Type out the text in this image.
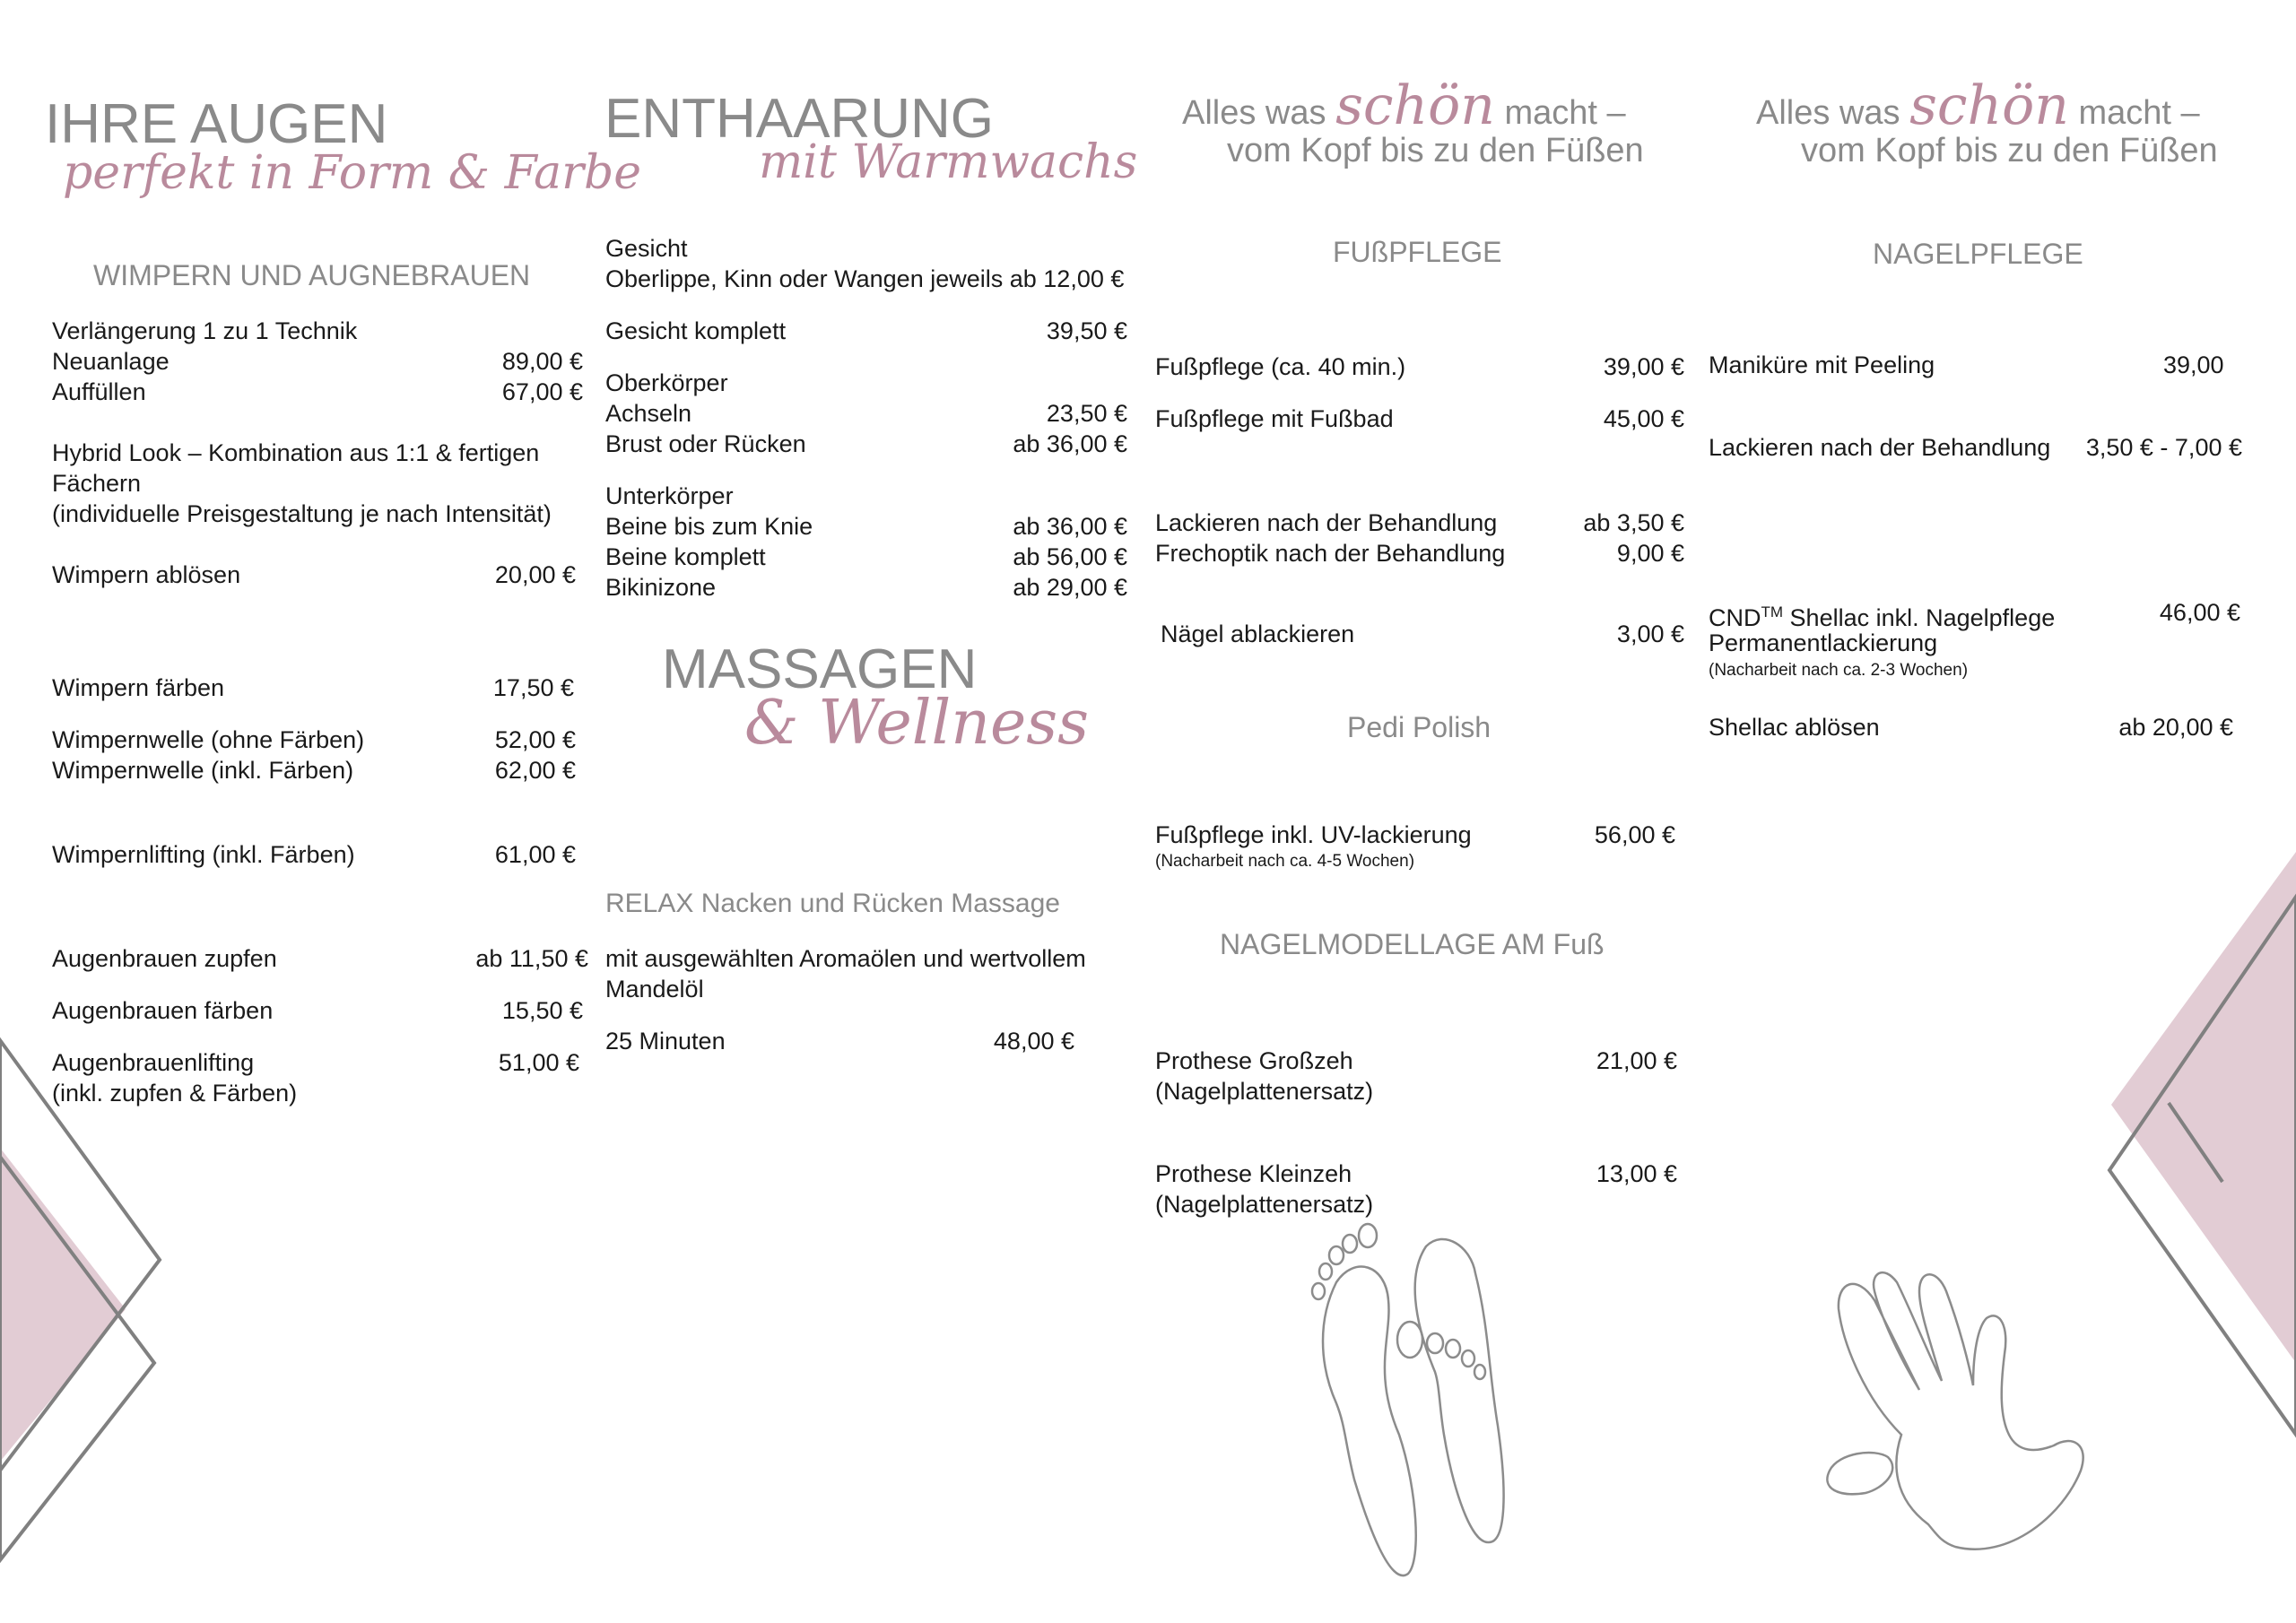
IHRE AUGEN
perfekt in Form & Farbe
WIMPERN UND AUGNEBRAUEN
Verlängerung 1 zu 1 Technik
Neuanlage	89,00 €
Auffüllen	67,00 €
Hybrid Look – Kombination aus 1:1 & fertigen
Fächern
(individuelle Preisgestaltung je nach Intensität)
Wimpern ablösen	20,00 €
Wimpern färben	17,50 €
Wimpernwelle (ohne Färben)	52,00 €
Wimpernwelle (inkl. Färben)	62,00 €
Wimpernlifting (inkl. Färben)	61,00 €
Augenbrauen zupfen	ab 11,50 €
Augenbrauen färben	15,50 €
Augenbrauenlifting	51,00 €
(inkl. zupfen & Färben)
ENTHAARUNG
mit Warmwachs
Gesicht
Oberlippe, Kinn oder Wangen jeweils ab 12,00 €
Gesicht komplett	39,50 €
Oberkörper
Achseln	23,50 €
Brust oder Rücken	ab 36,00 €
Unterkörper
Beine bis zum Knie	ab 36,00 €
Beine komplett	ab 56,00 €
Bikinizone	ab 29,00 €
MASSAGEN
& Wellness
RELAX Nacken und Rücken Massage
mit ausgewählten Aromaölen und wertvollem
Mandelöl
25 Minuten	48,00 €
Alles was schön macht –
vom Kopf bis zu den Füßen
Alles was schön macht –
vom Kopf bis zu den Füßen
FUßPFLEGE
Fußpflege (ca. 40 min.)	39,00 €
Fußpflege mit Fußbad	45,00 €
Lackieren nach der Behandlung	ab 3,50 €
Frechoptik nach der Behandlung	9,00 €
Nägel ablackieren	3,00 €
Pedi Polish
Fußpflege inkl. UV-lackierung	56,00 €
(Nacharbeit nach ca. 4-5 Wochen)
NAGELMODELLAGE AM Fuß
Prothese Großzeh	21,00 €
(Nagelplattenersatz)
Prothese Kleinzeh	13,00 €
(Nagelplattenersatz)
NAGELPFLEGE
Maniküre mit Peeling	39,00
Lackieren nach der Behandlung 3,50 € - 7,00 €
CND™ Shellac inkl. Nagelpflege	46,00 €
Permanentlackierung
(Nacharbeit nach ca. 2-3 Wochen)
Shellac ablösen	ab 20,00 €
